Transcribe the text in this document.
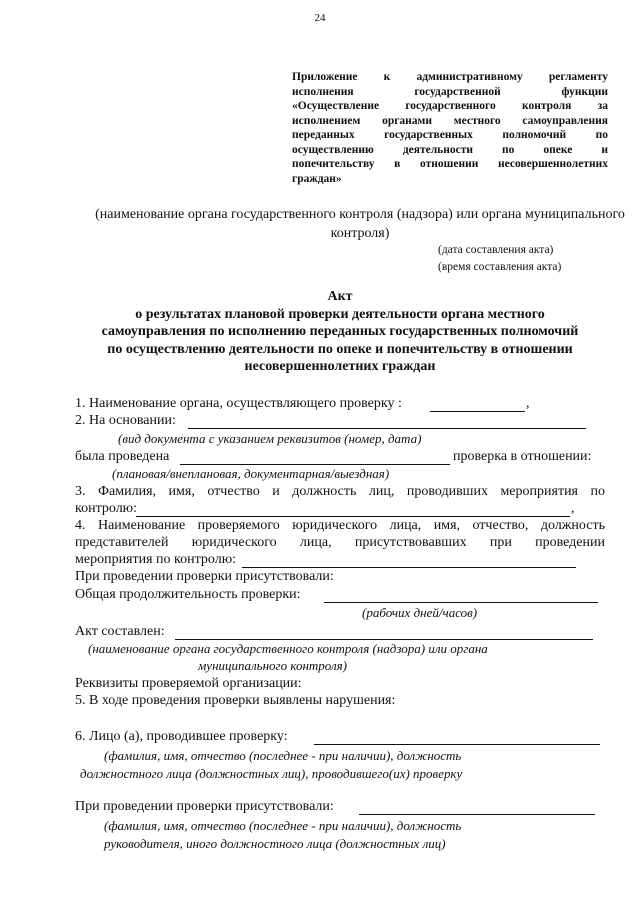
24
Приложение к административному регламенту
исполнения государственной функции
«Осуществление государственного контроля за
исполнением органами местного самоуправления
переданных государственных полномочий по
осуществлению деятельности по опеке и
попечительству в отношении несовершеннолетних
граждан»
(наименование органа государственного контроля (надзора) или органа муниципального контроля)
(дата составления акта)
(время составления акта)
Акт
о результатах плановой проверки деятельности органа местного
самоуправления по исполнению переданных государственных полномочий
по осуществлению деятельности по опеке и попечительству в отношении
несовершеннолетних граждан
1. Наименование органа, осуществляющего проверку :	,
2. На основании:
(вид документа с указанием реквизитов (номер, дата)
была проведена	проверка в отношении:
(плановая/внеплановая, документарная/выездная)
3. Фамилия, имя, отчество и должность лиц, проводивших мероприятия по
контролю:	,
4. Наименование проверяемого юридического лица, имя, отчество, должность
представителей юридического лица, присутствовавших при проведении
мероприятия по контролю:
При проведении проверки присутствовали:
Общая продолжительность проверки:
(рабочих дней/часов)
Акт составлен:
(наименование органа государственного контроля (надзора) или органа
муниципального контроля)
Реквизиты проверяемой организации:
5. В ходе проведения проверки выявлены нарушения:
6. Лицо (а), проводившее проверку:
(фамилия, имя, отчество (последнее - при наличии), должность
должностного лица (должностных лиц), проводившего(их) проверку
При проведении проверки присутствовали:
(фамилия, имя, отчество (последнее - при наличии), должность
руководителя, иного должностного лица (должностных лиц)
